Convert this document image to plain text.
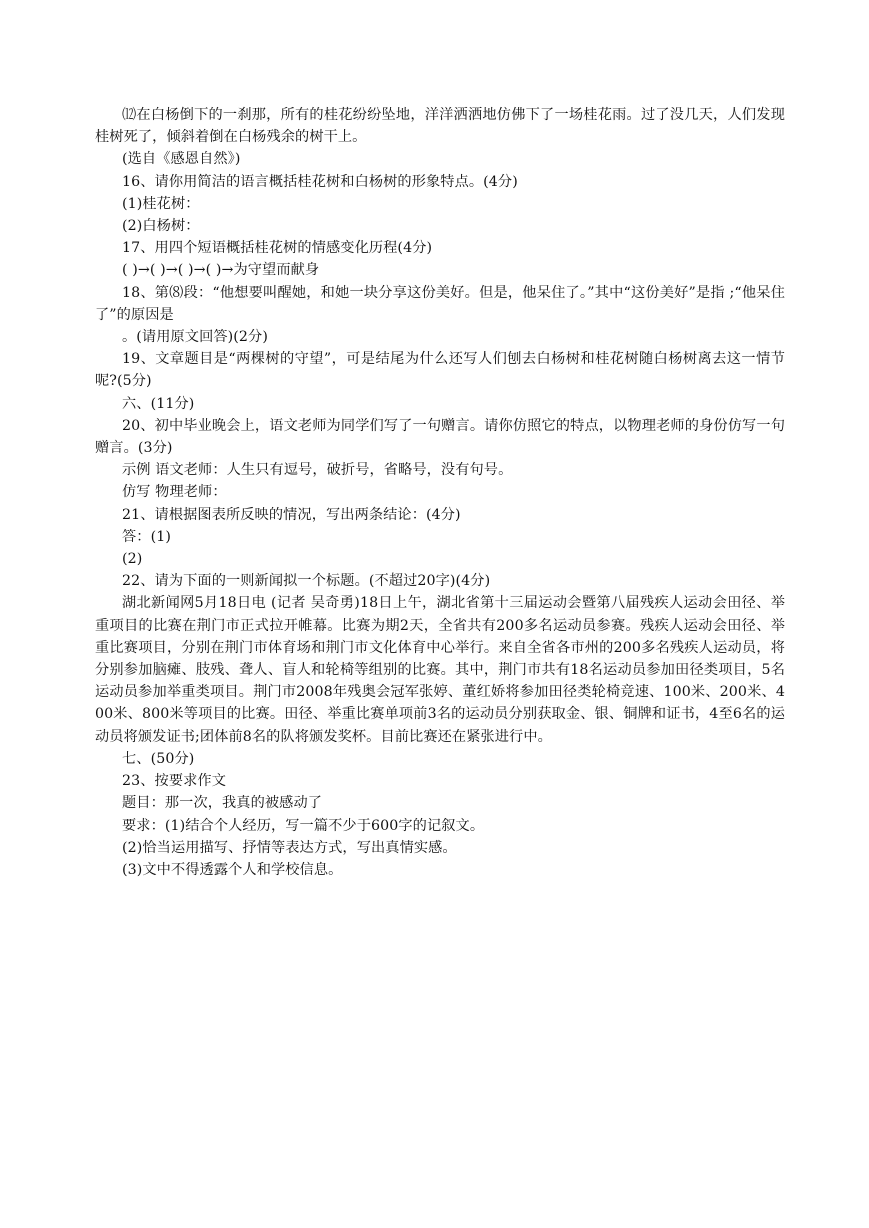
⑿在白杨倒下的一刹那，所有的桂花纷纷坠地，洋洋洒洒地仿佛下了一场桂花雨。过了没几天，人们发现桂树死了，倾斜着倒在白杨残余的树干上。

(选自《感恩自然》)

16、请你用简洁的语言概括桂花树和白杨树的形象特点。(4分)

(1)桂花树：

(2)白杨树：

17、用四个短语概括桂花树的情感变化历程(4分)

( )→( )→( )→( )→为守望而献身

18、第⑻段：“他想要叫醒她，和她一块分享这份美好。但是，他呆住了。”其中“这份美好”是指 ;“他呆住了”的原因是

。(请用原文回答)(2分)

19、文章题目是“两棵树的守望”，可是结尾为什么还写人们刨去白杨树和桂花树随白杨树离去这一情节呢?(5分)

六、(11分)

20、初中毕业晚会上，语文老师为同学们写了一句赠言。请你仿照它的特点，以物理老师的身份仿写一句赠言。(3分)

示例 语文老师：人生只有逗号，破折号，省略号，没有句号。

仿写 物理老师：

21、请根据图表所反映的情况，写出两条结论：(4分)

答：(1)

(2)

22、请为下面的一则新闻拟一个标题。(不超过20字)(4分)

湖北新闻网5月18日电 (记者 吴奇勇)18日上午，湖北省第十三届运动会暨第八届残疾人运动会田径、举重项目的比赛在荆门市正式拉开帷幕。比赛为期2天，全省共有200多名运动员参赛。残疾人运动会田径、举重比赛项目，分别在荆门市体育场和荆门市文化体育中心举行。来自全省各市州的200多名残疾人运动员，将分别参加脑瘫、肢残、聋人、盲人和轮椅等组别的比赛。其中，荆门市共有18名运动员参加田径类项目，5名运动员参加举重类项目。荆门市2008年残奥会冠军张婷、董红娇将参加田径类轮椅竞速、100米、200米、400米、800米等项目的比赛。田径、举重比赛单项前3名的运动员分别获取金、银、铜牌和证书，4至6名的运动员将颁发证书;团体前8名的队将颁发奖杯。目前比赛还在紧张进行中。

七、(50分)

23、按要求作文

题目：那一次，我真的被感动了

要求：(1)结合个人经历，写一篇不少于600字的记叙文。

(2)恰当运用描写、抒情等表达方式，写出真情实感。

(3)文中不得透露个人和学校信息。
